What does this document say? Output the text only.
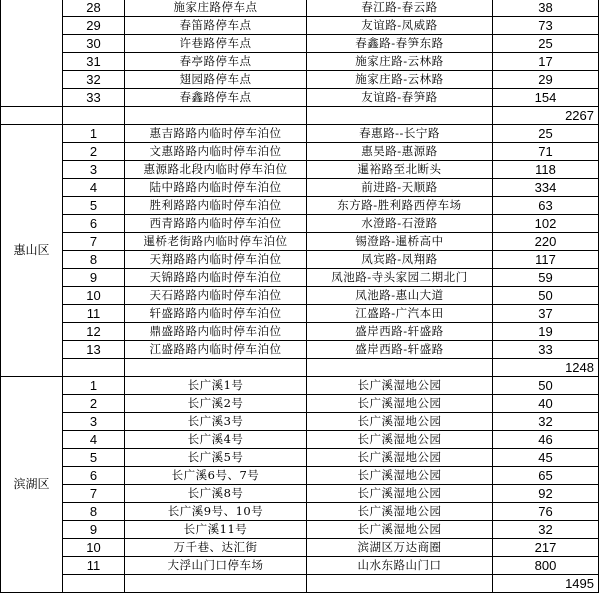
	28	施家庄路停车点	春江路-春云路	38
	29	春笛路停车点	友谊路-凤威路	73
	30	许巷路停车点	春鑫路-春笋东路	25
	31	春亭路停车点	施家庄路-云林路	17
	32	翅园路停车点	施家庄路-云林路	29
	33	春鑫路停车点	友谊路-春笋路	154
				2267
惠山区	1	惠吉路路内临时停车泊位	春惠路--长宁路	25
	2	文惠路路内临时停车泊位	惠昊路-惠源路	71
	3	惠源路北段内临时停车泊位	暹裕路至北断头	118
	4	陆中路路内临时停车泊位	前进路-天顺路	334
	5	胜利路路内临时停车泊位	东方路-胜利路西停车场	63
	6	西青路路内临时停车泊位	水澄路-石澄路	102
	7	暹桥老街路内临时停车泊位	锡澄路-暹桥高中	220
	8	天翔路路内临时停车泊位	凤宾路-凤翔路	117
	9	天锦路路内临时停车泊位	凤池路-寺头家园二期北门	59
	10	天石路路内临时停车泊位	凤池路-惠山大道	50
	11	轩盛路路内临时停车泊位	江盛路-广汽本田	37
	12	鼎盛路路内临时停车泊位	盛岸西路-轩盛路	19
	13	江盛路路内临时停车泊位	盛岸西路-轩盛路	33
				1248
滨湖区	1	长广溪1号	长广溪湿地公园	50
	2	长广溪2号	长广溪湿地公园	40
	3	长广溪3号	长广溪湿地公园	32
	4	长广溪4号	长广溪湿地公园	46
	5	长广溪5号	长广溪湿地公园	45
	6	长广溪6号、7号	长广溪湿地公园	65
	7	长广溪8号	长广溪湿地公园	92
	8	长广溪9号、10号	长广溪湿地公园	76
	9	长广溪11号	长广溪湿地公园	32
	10	万千巷、达汇街	滨湖区万达商圈	217
	11	大浮山门口停车场	山水东路山门口	800
				1495
